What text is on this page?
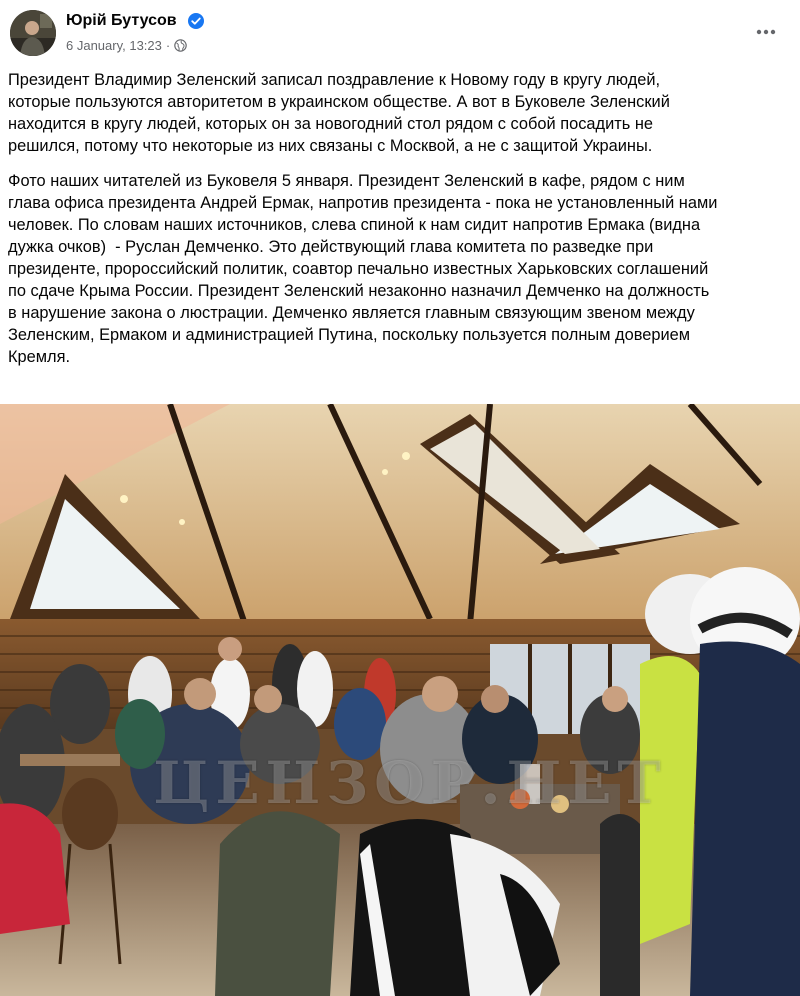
Юрій Бутусов
6 January, 13:23 ·

Президент Владимир Зеленский записал поздравление к Новому году в кругу людей,
которые пользуются авторитетом в украинском обществе. А вот в Буковеле Зеленский
находится в кругу людей, которых он за новогодний стол рядом с собой посадить не
решился, потому что некоторые из них связаны с Москвой, а не с защитой Украины.

Фото наших читателей из Буковеля 5 января. Президент Зеленский в кафе, рядом с ним
глава офиса президента Андрей Ермак, напротив президента - пока не установленный нами
человек. По словам наших источников, слева спиной к нам сидит напротив Ермака (видна
дужка очков)  - Руслан Демченко. Это действующий глава комитета по разведке при
президенте, пророссийский политик, соавтор печально известных Харьковских соглашений
по сдаче Крыма России. Президент Зеленский незаконно назначил Демченко на должность
в нарушение закона о люстрации. Демченко является главным связующим звеном между
Зеленским, Ермаком и администрацией Путина, поскольку пользуется полным доверием
Кремля.

ЦЕНЗОР.НЕТ
